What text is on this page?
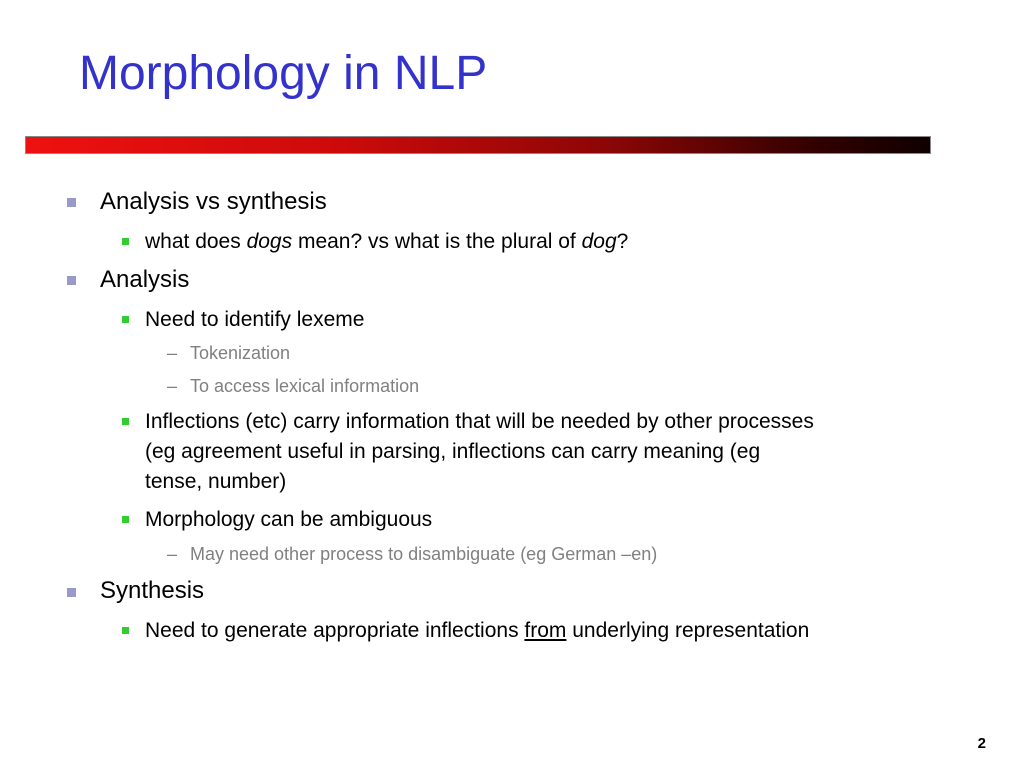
Morphology in NLP
Analysis vs synthesis
what does dogs mean? vs what is the plural of dog?
Analysis
Need to identify lexeme
– Tokenization
– To access lexical information
Inflections (etc) carry information that will be needed by other processes
(eg agreement useful in parsing, inflections can carry meaning (eg
tense, number)
Morphology can be ambiguous
– May need other process to disambiguate (eg German –en)
Synthesis
Need to generate appropriate inflections from underlying representation
2
